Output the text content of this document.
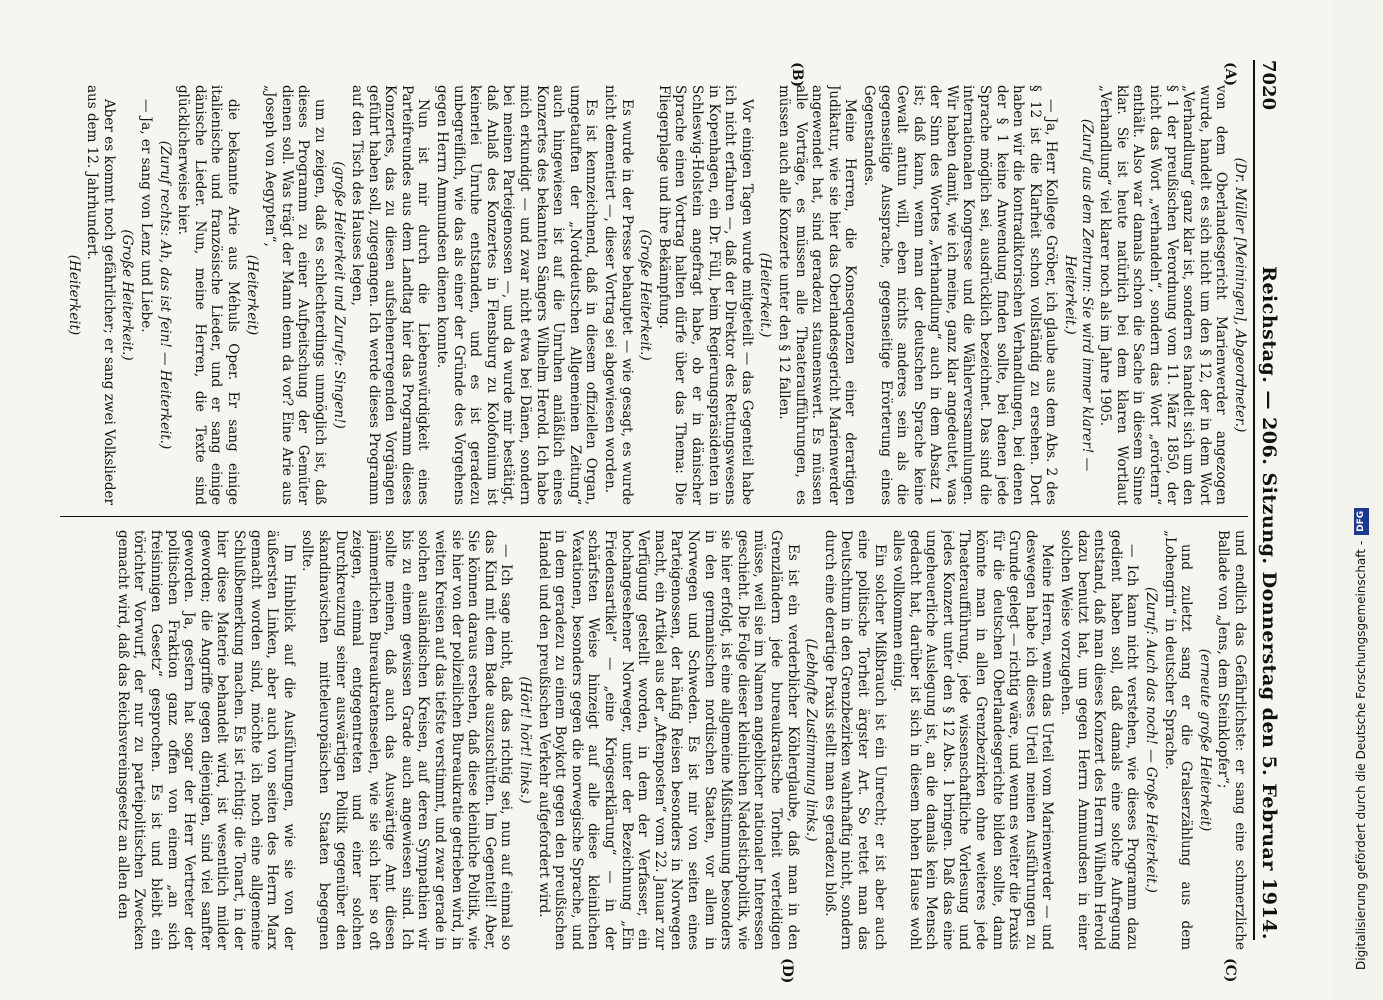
7020
Reichstag. — 206. Sitzung. Donnerstag den 5. Februar 1914.
(A)
(B)
(C)
(D)

(Dr. Müller [Meiningen], Abgeordneter.)

von dem Oberlandesgericht Marienwerder angezogen wurde, handelt es sich nicht um den § 12, der in dem Wort „Verhandlung“ ganz klar ist, sondern es handelt sich um den § 1 der preußischen Verordnung vom 11. März 1850, der nicht das Wort „verhandeln“, sondern das Wort „erörtern“ enthält. Also war damals schon die Sache in diesem Sinne klar. Sie ist heute natürlich bei dem klaren Wortlaut „Verhandlung“ viel klarer noch als im Jahre 1905.

(Zuruf aus dem Zentrum: Sie wird immer klarer! — Heiterkeit.)

— Ja, Herr Kollege Gröber, ich glaube aus dem Abs. 2 des § 12 ist die Klarheit schon vollständig zu ersehen. Dort haben wir die kontradiktorischen Verhandlungen, bei denen der § 1 keine Anwendung finden sollte, bei denen jede Sprache möglich sei, ausdrücklich bezeichnet. Das sind die internationalen Kongresse und die Wählerversammlungen. Wir haben damit, wie ich meine, ganz klar angedeutet, was der Sinn des Wortes „Verhandlung“ auch in dem Absatz 1 ist; daß kann, wenn man der deutschen Sprache keine Gewalt antun will, eben nichts anderes sein als die gegenseitige Aussprache, gegenseitige Erörterung eines Gegenstandes.

Meine Herren, die Konsequenzen einer derartigen Judikatur, wie sie hier das Oberlandesgericht Marienwerder angewendet hat, sind geradezu staunenswert. Es müssen alle Vorträge, es müssen alle Theateraufführungen, es müssen auch alle Konzerte unter den § 12 fallen.

(Heiterkeit.)

Vor einigen Tagen wurde mitgeteilt — das Gegenteil habe ich nicht erfahren —, daß der Direktor des Rettungswesens in Kopenhagen, ein Dr. Füll, beim Regierungspräsidenten in Schleswig-Holstein angefragt habe, ob er in dänischer Sprache einen Vortrag halten dürfe über das Thema: Die Fliegerplage und ihre Bekämpfung.

(Große Heiterkeit.)

Es wurde in der Presse behauptet — wie gesagt, es wurde nicht dementiert —, dieser Vortrag sei abgewiesen worden.

Es ist kennzeichnend, daß in diesem offiziellen Organ, umgetauften der „Norddeutschen Allgemeinen Zeitung“ auch hingewiesen ist auf die Unruhen anläßlich eines Konzertes des bekannten Sängers Wilhelm Herold. Ich habe mich erkundigt — und zwar nicht etwa bei Dänen, sondern bei meinen Parteigenossen —, und da wurde mir bestätigt, daß Anlaß des Konzertes in Flensburg zu Kolofonium ist keinerlei Unruhe entstanden, und es ist geradezu unbegreiflich, wie das als einer der Gründe des Vorgehens gegen Herrn Ammundsen dienen konnte.

Nun ist mir durch die Liebenswürdigkeit eines Parteifreundes aus dem Landtag hier das Programm dieses Konzertes, das zu diesen aufsehenerregenden Vorgängen geführt haben soll, zugegangen. Ich werde dieses Programm auf den Tisch des Hauses legen,

(große Heiterkeit und Zurufe: Singen!)

um zu zeigen, daß es schlechterdings unmöglich ist, daß dieses Programm zu einer Aufpeitschung der Gemüter dienen soll. Was trägt der Mann denn da vor? Eine Arie aus „Joseph von Aegypten“,

(Heiterkeit)

die bekannte Arie aus Méhuls Oper. Er sang einige italienische und französische Lieder, und er sang einige dänische Lieder. Nun, meine Herren, die Texte sind glücklicherweise hier.

(Zuruf rechts: Ah, das ist fein! — Heiterkeit.)

— Ja, er sang von Lenz und Liebe.

(Große Heiterkeit.)

Aber es kommt noch gefährlicher; er sang zwei Volkslieder aus dem 12. Jahrhundert.

(Heiterkeit)

und endlich das Gefährlichste: er sang eine schmerzliche Ballade von „Jens, dem Steinklopfer“;

(erneute große Heiterkeit)

und zuletzt sang er die Gralserzählung aus dem „Lohengrin“ in deutscher Sprache.

(Zuruf: Auch das noch! — Große Heiterkeit.)

— Ich kann nicht verstehen, wie dieses Programm dazu gedient haben soll, daß damals eine solche Aufregung entstand, daß man dieses Konzert des Herrn Wilhelm Herold dazu benutzt hat, um gegen Herrn Ammundsen in einer solchen Weise vorzugehen.

Meine Herren, wenn das Urteil vom Marienwerder — und deswegen habe ich dieses Urteil meinen Ausführungen zu Grunde gelegt — richtig wäre, und wenn es weiter die Praxis für die deutschen Oberlandesgerichte bilden sollte, dann könnte man in allen Grenzbezirken ohne weiteres jede Theateraufführung, jede wissenschaftliche Vorlesung und jedes Konzert unter den § 12 Abs. 1 bringen. Daß das eine ungeheuerliche Auslegung ist, an die damals kein Mensch gedacht hat, darüber ist sich in diesem hohen Hause wohl alles vollkommen einig.

Ein solcher Mißbrauch ist ein Unrecht; er ist aber auch eine politische Torheit ärgster Art. So rettet man das Deutschtum in den Grenzbezirken wahrhaftig nicht, sondern durch eine derartige Praxis stellt man es geradezu bloß.

(Lebhafte Zustimmung links.)

Es ist ein verderblicher Köhlerglaube, daß man in den Grenzländern jede bureaukratische Torheit verteidigen müsse, weil sie im Namen angeblicher nationaler Interessen geschieht. Die Folge dieser kleinlichen Nadelstichpolitik, wie sie hier erfolgt, ist eine allgemeine Mißstimmung besonders in den germanischen nordischen Staaten, vor allem in Norwegen und Schweden. Es ist mir von seiten eines Parteigenossen, der häufig Reisen besonders in Norwegen macht, ein Artikel aus der „Aftenposten“ vom 22. Januar zur Verfügung gestellt worden, in dem der Verfasser, ein hochangesehener Norweger, unter der Bezeichnung „Ein Friedensartikel“ — „eine Kriegserklärung“ — in der schärfsten Weise hinzeigt auf alle diese kleinlichen Vexationen, besonders gegen die norwegische Sprache, und in dem geradezu zu einem Boykott gegen den preußischen Handel und den preußischen Verkehr aufgefordert wird.

(Hört! hört! links.)

— Ich sage nicht, daß das richtig sei, nun auf einmal so das Kind mit dem Bade auszuschütten. Im Gegenteil! Aber, Sie können daraus ersehen, daß diese kleinliche Politik, wie sie hier von der polizeilichen Bureaukratie getrieben wird, in weiten Kreisen auf das tiefste verstimmt, und zwar gerade in solchen ausländischen Kreisen, auf deren Sympathien wir bis zu einem gewissen Grade auch angewiesen sind. Ich sollte meinen, daß auch das Auswärtige Amt diesen jämmerlichen Bureaukratenseelen, wie sie sich hier so oft zeigen, einmal entgegentreten und einer solchen Durchkreuzung seiner auswärtigen Politik gegenüber den skandinavischen mitteleuropäischen Staaten begegnen sollte.

Im Hinblick auf die Ausführungen, wie sie von der äußersten Linken, aber auch von seiten des Herrn Marx gemacht worden sind, möchte ich noch eine allgemeine Schlußbemerkung machen. Es ist richtig: die Tonart, in der hier diese Materie behandelt wird, ist wesentlich milder geworden; die Angriffe gegen diejenigen, sind viel sanfter geworden. Ja, gestern hat sogar der Herr Vertreter der politischen Fraktion ganz offen von einem „an sich freisinnigen Gesetz“ gesprochen. Es ist und bleibt ein törichter Vorwurf, der nur zu parteipolitischen Zwecken gemacht wird, daß das Reichsvereinsgesetz an allen den	Digitalisierung gefördert durch die Deutsche Forschungsgemeinschaft -
DFG
